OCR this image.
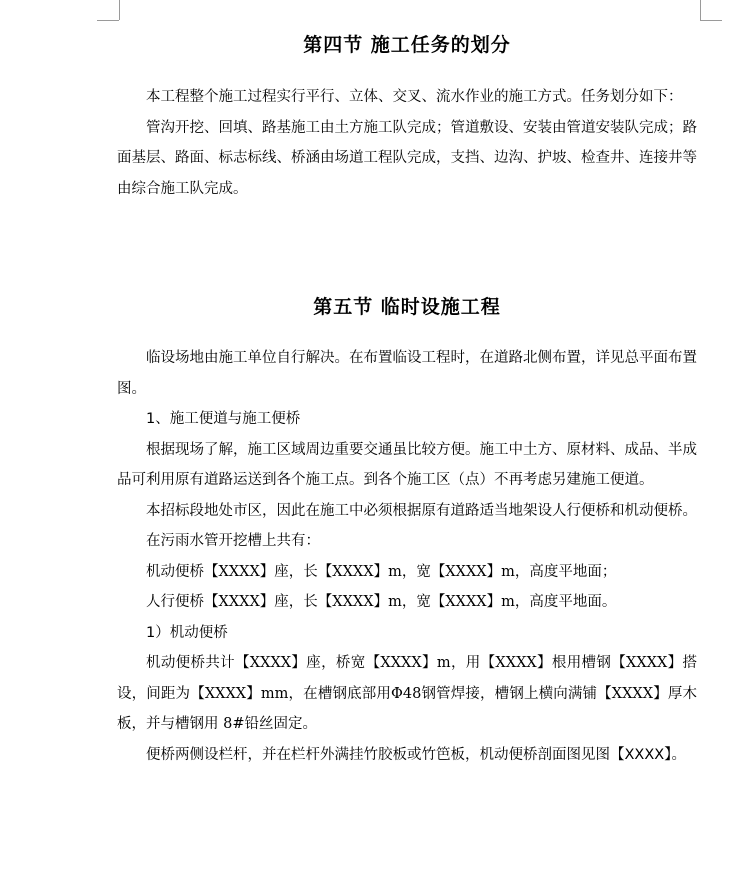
第四节 施工任务的划分

本工程整个施工过程实行平行、立体、交叉、流水作业的施工方式。任务划分如下：

管沟开挖、回填、路基施工由土方施工队完成；管道敷设、安装由管道安装队完成；路面基层、路面、标志标线、桥涵由场道工程队完成，支挡、边沟、护坡、检查井、连接井等由综合施工队完成。

第五节 临时设施工程

临设场地由施工单位自行解决。在布置临设工程时，在道路北侧布置，详见总平面布置图。

1、施工便道与施工便桥

根据现场了解，施工区域周边重要交通虽比较方便。施工中土方、原材料、成品、半成品可利用原有道路运送到各个施工点。到各个施工区（点）不再考虑另建施工便道。

本招标段地处市区，因此在施工中必须根据原有道路适当地架设人行便桥和机动便桥。

在污雨水管开挖槽上共有：

机动便桥【XXXX】座，长【XXXX】m，宽【XXXX】m，高度平地面；

人行便桥【XXXX】座，长【XXXX】m，宽【XXXX】m，高度平地面。

1）机动便桥

机动便桥共计【XXXX】座，桥宽【XXXX】m，用【XXXX】根用槽钢【XXXX】搭设，间距为【XXXX】mm，在槽钢底部用Φ48钢管焊接，槽钢上横向满铺【XXXX】厚木板，并与槽钢用 8#铅丝固定。

便桥两侧设栏杆，并在栏杆外满挂竹胶板或竹笆板，机动便桥剖面图见图【XXXX】。
